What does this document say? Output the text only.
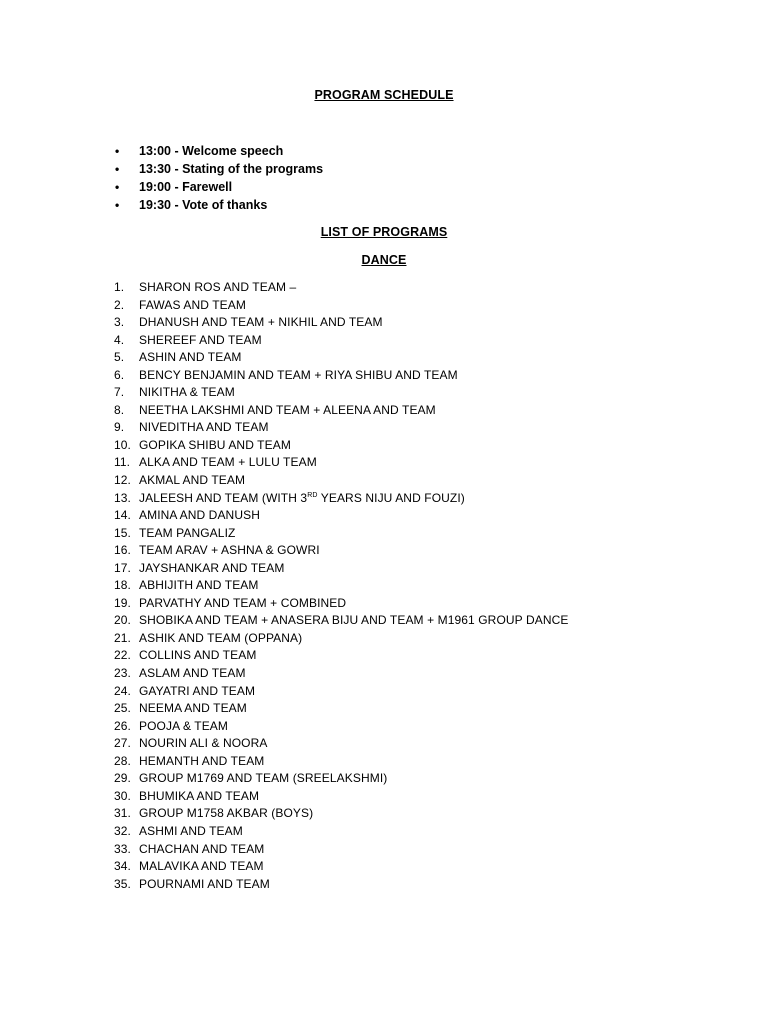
PROGRAM SCHEDULE
• 13:00 - Welcome speech
• 13:30 - Stating of the programs
• 19:00 - Farewell
• 19:30 - Vote of thanks
LIST OF PROGRAMS
DANCE
1. SHARON ROS AND TEAM –
2. FAWAS AND TEAM
3. DHANUSH AND TEAM + NIKHIL AND TEAM
4. SHEREEF AND TEAM
5. ASHIN AND TEAM
6. BENCY BENJAMIN AND TEAM + RIYA SHIBU AND TEAM
7. NIKITHA & TEAM
8. NEETHA LAKSHMI AND TEAM + ALEENA AND TEAM
9. NIVEDITHA AND TEAM
10. GOPIKA SHIBU AND TEAM
11. ALKA AND TEAM + LULU TEAM
12. AKMAL AND TEAM
13. JALEESH AND TEAM (WITH 3RD YEARS NIJU AND FOUZI)
14. AMINA AND DANUSH
15. TEAM PANGALIZ
16. TEAM ARAV + ASHNA & GOWRI
17. JAYSHANKAR AND TEAM
18. ABHIJITH AND TEAM
19. PARVATHY AND TEAM + COMBINED
20. SHOBIKA AND TEAM + ANASERA BIJU AND TEAM + M1961 GROUP DANCE
21. ASHIK AND TEAM (OPPANA)
22. COLLINS AND TEAM
23. ASLAM AND TEAM
24. GAYATRI AND TEAM
25. NEEMA AND TEAM
26. POOJA & TEAM
27. NOURIN ALI & NOORA
28. HEMANTH AND TEAM
29. GROUP M1769 AND TEAM (SREELAKSHMI)
30. BHUMIKA AND TEAM
31. GROUP M1758 AKBAR (BOYS)
32. ASHMI AND TEAM
33. CHACHAN AND TEAM
34. MALAVIKA AND TEAM
35. POURNAMI AND TEAM
